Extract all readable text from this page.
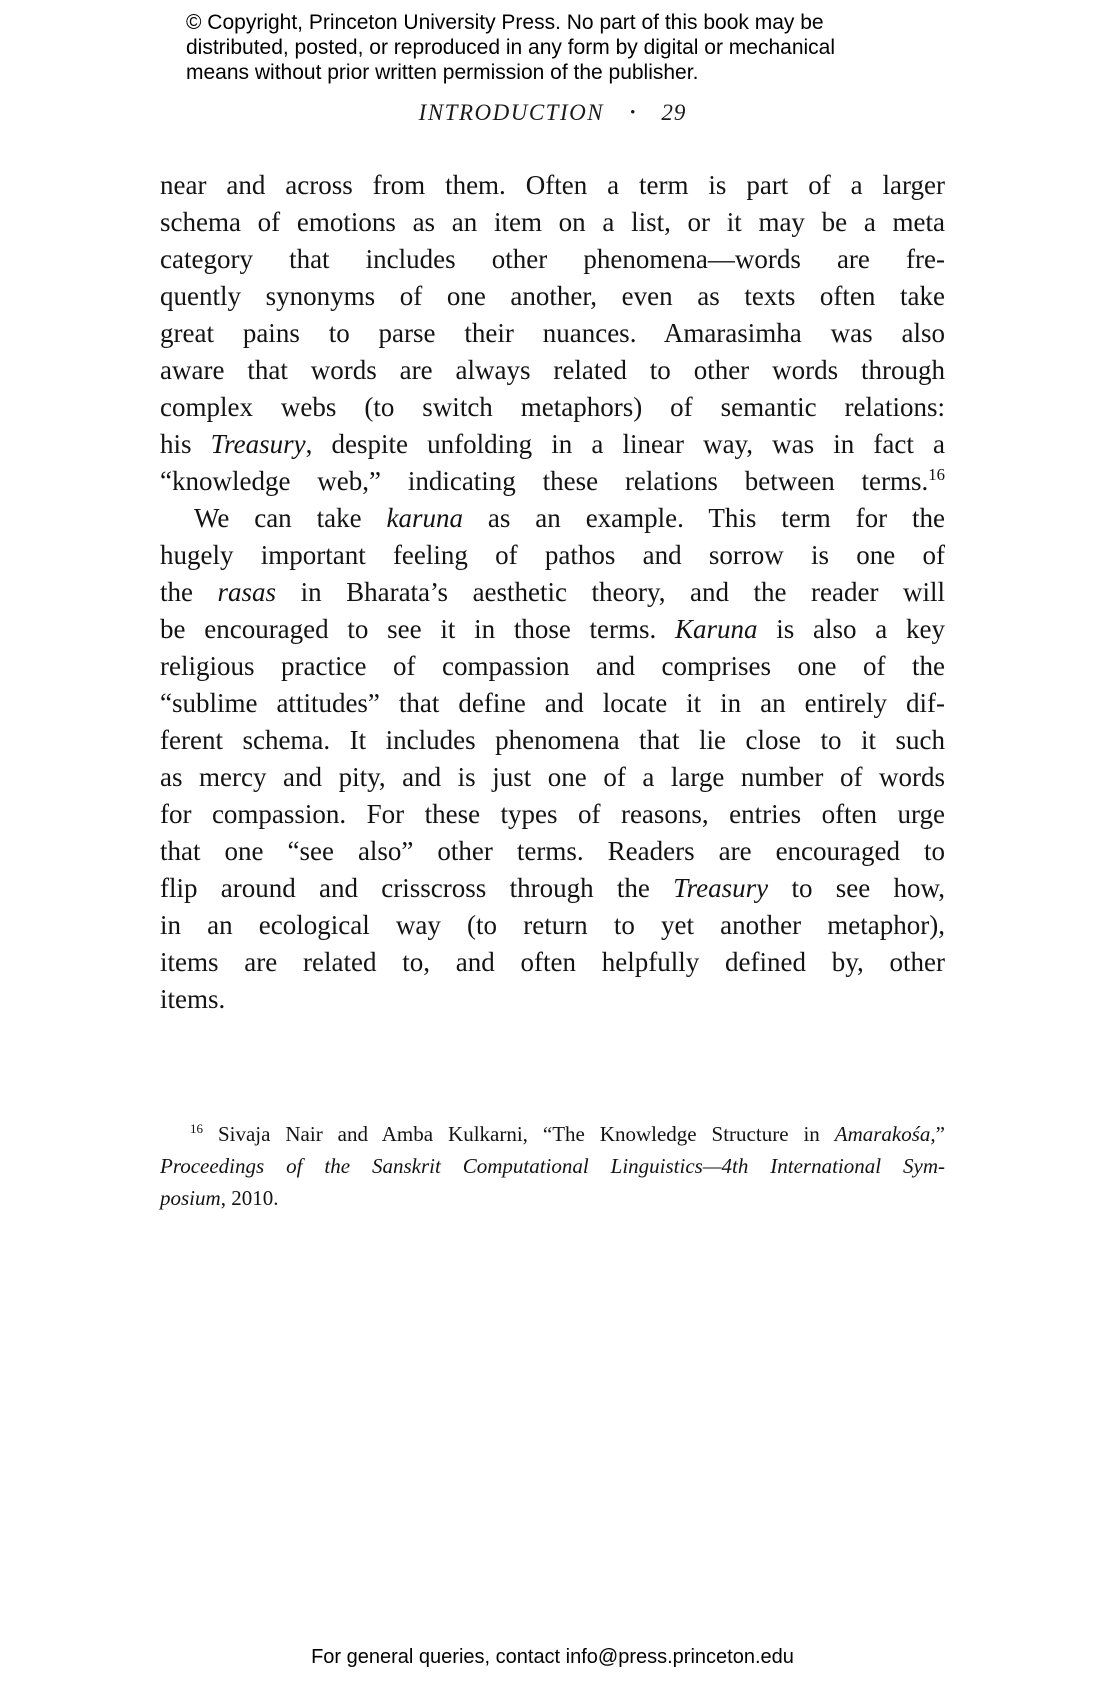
© Copyright, Princeton University Press. No part of this book may be
distributed, posted, or reproduced in any form by digital or mechanical
means without prior written permission of the publisher.
INTRODUCTION • 29
near and across from them. Often a term is part of a larger
schema of emotions as an item on a list, or it may be a meta
category that includes other phenomena—words are fre-
quently synonyms of one another, even as texts often take
great pains to parse their nuances. Amarasimha was also
aware that words are always related to other words through
complex webs (to switch metaphors) of semantic relations:
his Treasury, despite unfolding in a linear way, was in fact a
“knowledge web,” indicating these relations between terms.$^{16}$
We can take karuna as an example. This term for the
hugely important feeling of pathos and sorrow is one of
the rasas in Bharata’s aesthetic theory, and the reader will
be encouraged to see it in those terms. Karuna is also a key
religious practice of compassion and comprises one of the
“sublime attitudes” that define and locate it in an entirely dif-
ferent schema. It includes phenomena that lie close to it such
as mercy and pity, and is just one of a large number of words
for compassion. For these types of reasons, entries often urge
that one “see also” other terms. Readers are encouraged to
flip around and crisscross through the Treasury to see how,
in an ecological way (to return to yet another metaphor),
items are related to, and often helpfully defined by, other
items.
$^{16}$ Sivaja Nair and Amba Kulkarni, “The Knowledge Structure in Amarakośa,”
Proceedings of the Sanskrit Computational Linguistics—4th International Sym-
posium, 2010.
For general queries, contact info@press.princeton.edu
